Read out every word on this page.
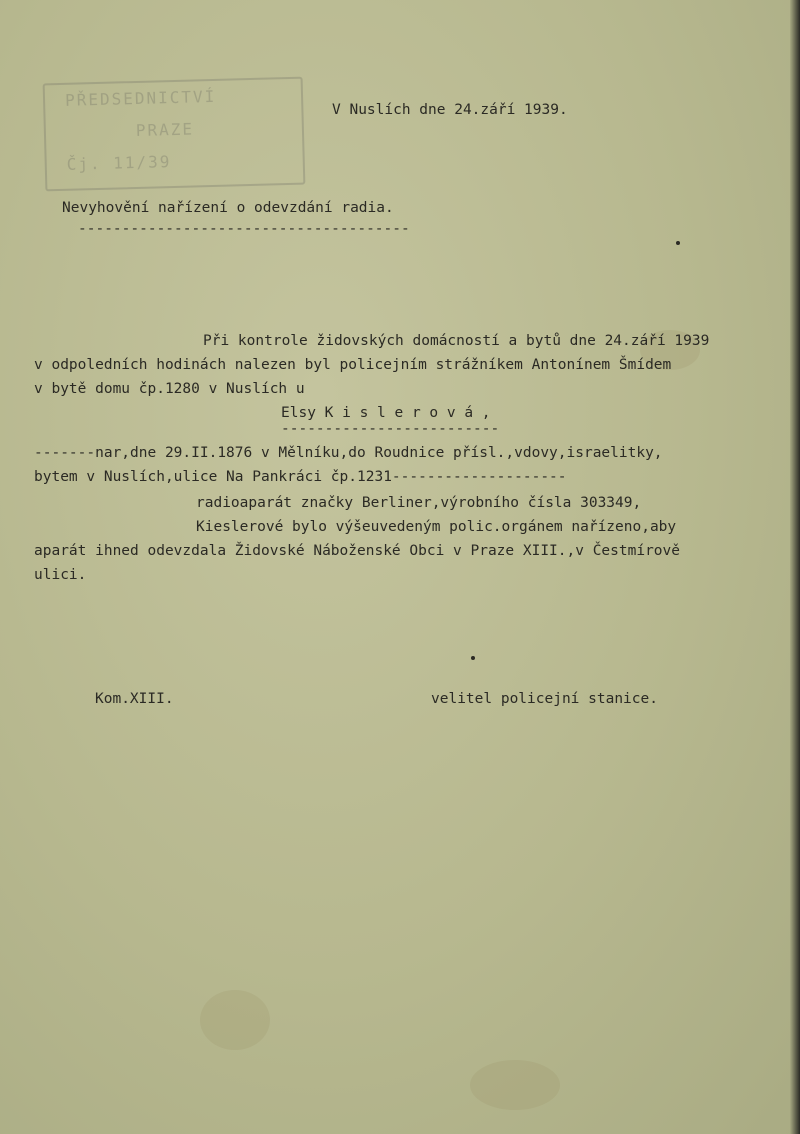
PŘEDSEDNICTVÍ
PRAZE
Čj. 11/39

V Nuslích dne 24.září 1939.

Nevyhovění nařízení o odevzdání radia.

--------------------------------------

Při kontrole židovských domácností a bytů dne 24.září 1939

v odpoledních hodinách nalezen byl policejním strážníkem Antonínem Šmídem

v bytě domu čp.1280 v Nuslích u

Elsy K i s l e r o v á ,

-------------------------

-------nar,dne 29.II.1876 v Mělníku,do Roudnice přísl.,vdovy,israelitky,

bytem v Nuslích,ulice Na Pankráci čp.1231--------------------

radioaparát značky Berliner,výrobního čísla 303349,

Kieslerové bylo výšeuvedeným polic.orgánem nařízeno,aby

aparát ihned odevzdala Židovské Náboženské Obci v Praze XIII.,v Čestmírově

ulici.

Kom.XIII.	velitel policejní stanice.
